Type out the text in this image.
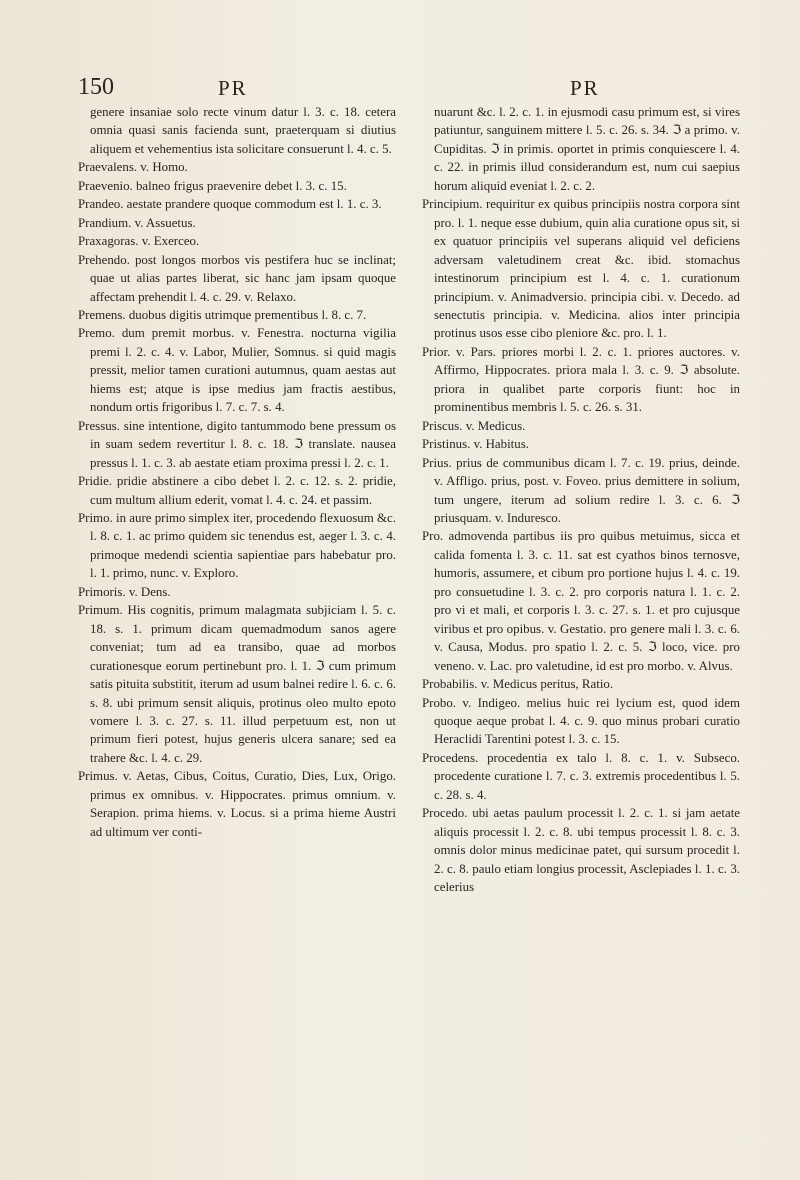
150	PR	PR

genere insaniae solo recte vinum datur l. 3. c. 18. cetera omnia quasi sanis facienda sunt, praeterquam si diutius aliquem et vehementius ista solicitare consuerunt l. 4. c. 5.

Praevalens. v. Homo.

Praevenio. balneo frigus praevenire debet l. 3. c. 15.

Prandeo. aestate prandere quoque commodum est l. 1. c. 3.

Prandium. v. Assuetus.

Praxagoras. v. Exerceo.

Prehendo. post longos morbos vis pestifera huc se inclinat; quae ut alias partes liberat, sic hanc jam ipsam quoque affectam prehendit l. 4. c. 29. v. Relaxo.

Premens. duobus digitis utrimque prementibus l. 8. c. 7.

Premo. dum premit morbus. v. Fenestra. nocturna vigilia premi l. 2. c. 4. v. Labor, Mulier, Somnus. si quid magis pressit, melior tamen curationi autumnus, quam aestas aut hiems est; atque is ipse medius jam fractis aestibus, nondum ortis frigoribus l. 7. c. 7. s. 4.

Pressus. sine intentione, digito tantummodo bene pressum os in suam sedem revertitur l. 8. c. 18. ℑ translate. nausea pressus l. 1. c. 3. ab aestate etiam proxima pressi l. 2. c. 1.

Pridie. pridie abstinere a cibo debet l. 2. c. 12. s. 2. pridie, cum multum allium ederit, vomat l. 4. c. 24. et passim.

Primo. in aure primo simplex iter, procedendo flexuosum &c. l. 8. c. 1. ac primo quidem sic tenendus est, aeger l. 3. c. 4. primoque medendi scientia sapientiae pars habebatur pro. l. 1. primo, nunc. v. Exploro.

Primoris. v. Dens.

Primum. His cognitis, primum malagmata subjiciam l. 5. c. 18. s. 1. primum dicam quemadmodum sanos agere conveniat; tum ad ea transibo, quae ad morbos curationesque eorum pertinebunt pro. l. 1. ℑ cum primum satis pituita substitit, iterum ad usum balnei redire l. 6. c. 6. s. 8. ubi primum sensit aliquis, protinus oleo multo epoto vomere l. 3. c. 27. s. 11. illud perpetuum est, non ut primum fieri potest, hujus generis ulcera sanare; sed ea trahere &c. l. 4. c. 29.

Primus. v. Aetas, Cibus, Coitus, Curatio, Dies, Lux, Origo. primus ex omnibus. v. Hippocrates. primus omnium. v. Serapion. prima hiems. v. Locus. si a prima hieme Austri ad ultimum ver conti-

nuarunt &c. l. 2. c. 1. in ejusmodi casu primum est, si vires patiuntur, sanguinem mittere l. 5. c. 26. s. 34. ℑ a primo. v. Cupiditas. ℑ in primis. oportet in primis conquiescere l. 4. c. 22. in primis illud considerandum est, num cui saepius horum aliquid eveniat l. 2. c. 2.

Principium. requiritur ex quibus principiis nostra corpora sint pro. l. 1. neque esse dubium, quin alia curatione opus sit, si ex quatuor principiis vel superans aliquid vel deficiens adversam valetudinem creat &c. ibid. stomachus intestinorum principium est l. 4. c. 1. curationum principium. v. Animadversio. principia cibi. v. Decedo. ad senectutis principia. v. Medicina. alios inter principia protinus usos esse cibo pleniore &c. pro. l. 1.

Prior. v. Pars. priores morbi l. 2. c. 1. priores auctores. v. Affirmo, Hippocrates. priora mala l. 3. c. 9. ℑ absolute. priora in qualibet parte corporis fiunt: hoc in prominentibus membris l. 5. c. 26. s. 31.

Priscus. v. Medicus.

Pristinus. v. Habitus.

Prius. prius de communibus dicam l. 7. c. 19. prius, deinde. v. Affligo. prius, post. v. Foveo. prius demittere in solium, tum ungere, iterum ad solium redire l. 3. c. 6. ℑ priusquam. v. Induresco.

Pro. admovenda partibus iis pro quibus metuimus, sicca et calida fomenta l. 3. c. 11. sat est cyathos binos ternosve, humoris, assumere, et cibum pro portione hujus l. 4. c. 19. pro consuetudine l. 3. c. 2. pro corporis natura l. 1. c. 2. pro vi et mali, et corporis l. 3. c. 27. s. 1. et pro cujusque viribus et pro opibus. v. Gestatio. pro genere mali l. 3. c. 6. v. Causa, Modus. pro spatio l. 2. c. 5. ℑ loco, vice. pro veneno. v. Lac. pro valetudine, id est pro morbo. v. Alvus.

Probabilis. v. Medicus peritus, Ratio.

Probo. v. Indigeo. melius huic rei lycium est, quod idem quoque aeque probat l. 4. c. 9. quo minus probari curatio Heraclidi Tarentini potest l. 3. c. 15.

Procedens. procedentia ex talo l. 8. c. 1. v. Subseco. procedente curatione l. 7. c. 3. extremis procedentibus l. 5. c. 28. s. 4.

Procedo. ubi aetas paulum processit l. 2. c. 1. si jam aetate aliquis processit l. 2. c. 8. ubi tempus processit l. 8. c. 3. omnis dolor minus medicinae patet, qui sursum procedit l. 2. c. 8. paulo etiam longius processit, Asclepiades l. 1. c. 3. celerius
